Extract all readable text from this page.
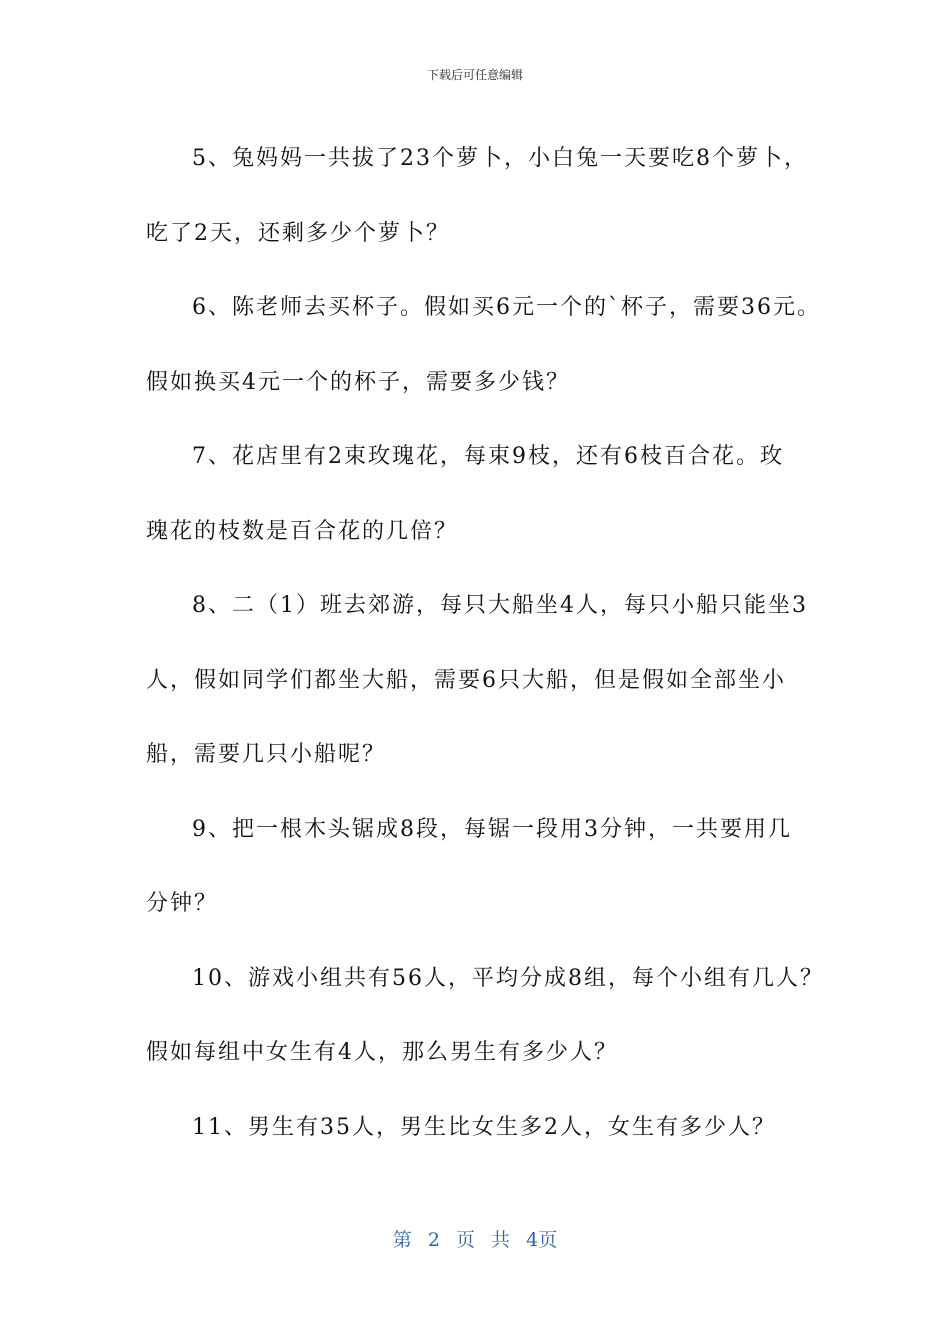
下载后可任意编辑

5、兔妈妈一共拔了23个萝卜，小白兔一天要吃8个萝卜，
吃了2天，还剩多少个萝卜？

6、陈老师去买杯子。假如买6元一个的`杯子，需要36元。
假如换买4元一个的杯子，需要多少钱？

7、花店里有2束玫瑰花，每束9枝，还有6枝百合花。玫
瑰花的枝数是百合花的几倍？

8、二（1）班去郊游，每只大船坐4人，每只小船只能坐3
人，假如同学们都坐大船，需要6只大船，但是假如全部坐小
船，需要几只小船呢？

9、把一根木头锯成8段，每锯一段用3分钟，一共要用几
分钟？

10、游戏小组共有56人，平均分成8组，每个小组有几人？
假如每组中女生有4人，那么男生有多少人？

11、男生有35人，男生比女生多2人，女生有多少人？

第 2 页 共 4页
